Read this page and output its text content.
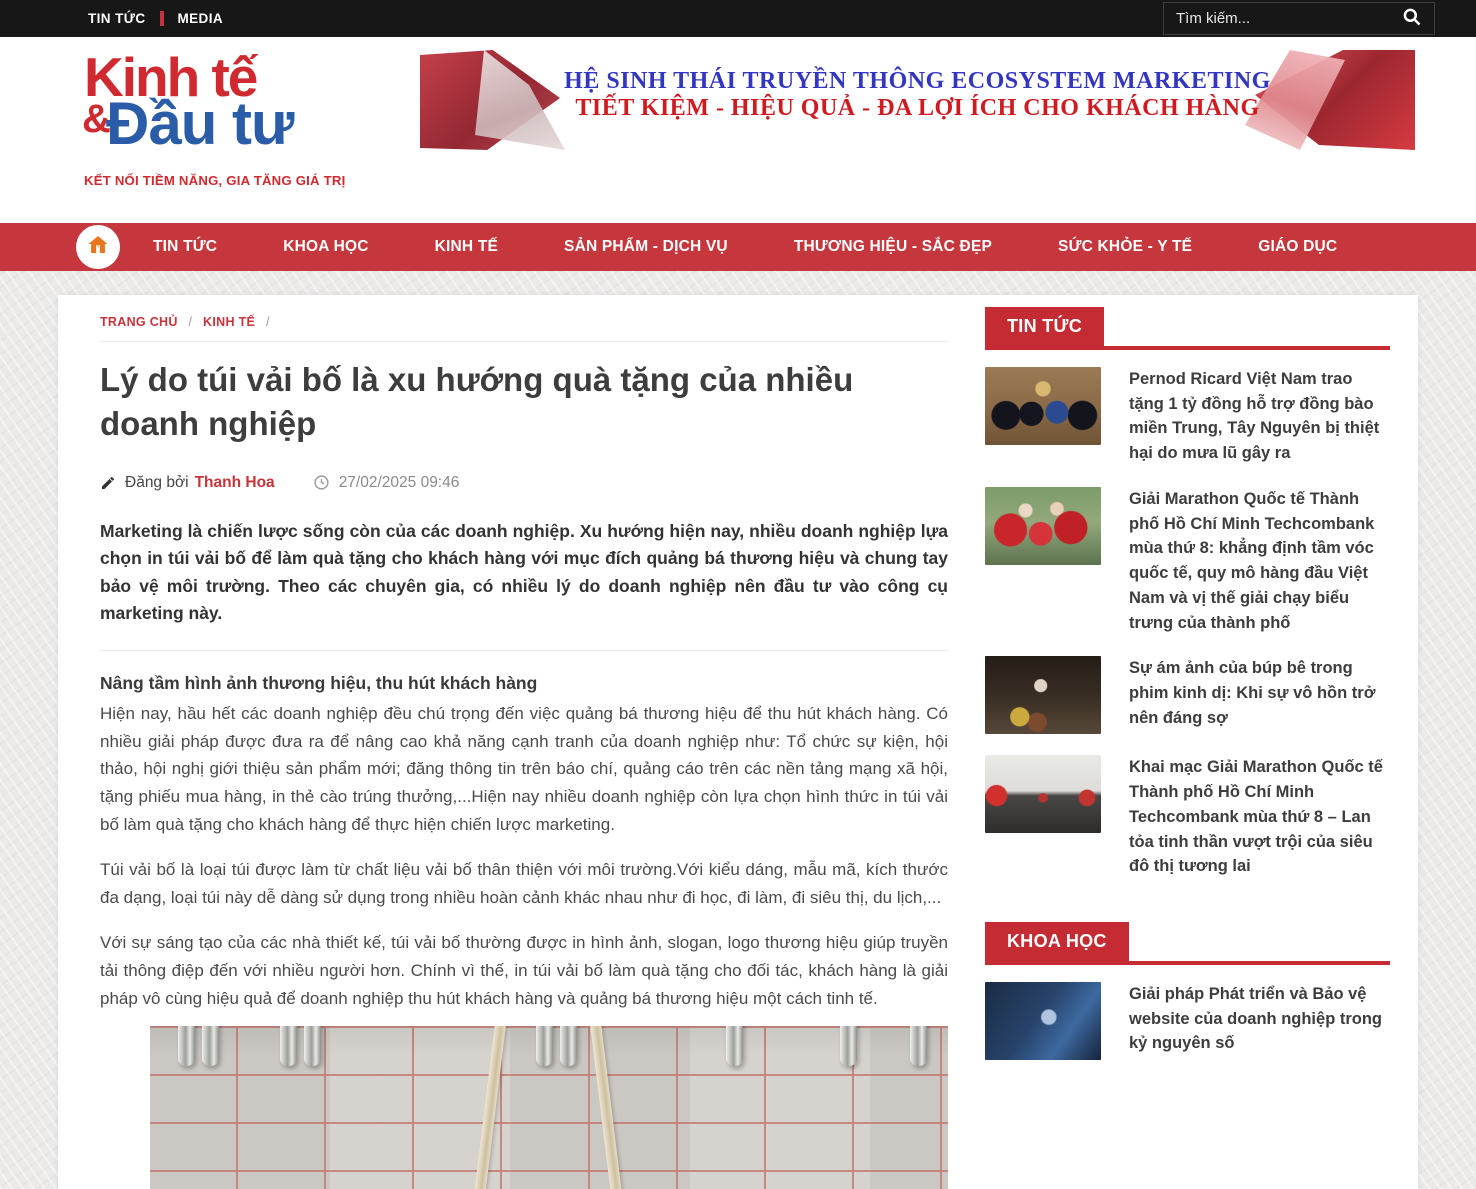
TIN TỨC MEDIA
Tìm kiếm...
Kinh tế
&
Đầu tư
KẾT NỐI TIỀM NĂNG, GIA TĂNG GIÁ TRỊ
HỆ SINH THÁI TRUYỀN THÔNG ECOSYSTEM MARKETING
TIẾT KIỆM - HIỆU QUẢ - ĐA LỢI ÍCH CHO KHÁCH HÀNG
TIN TỨC	KHOA HỌC	KINH TẾ	SẢN PHẨM - DỊCH VỤ	THƯƠNG HIỆU - SẮC ĐẸP	SỨC KHỎE - Y TẾ	GIÁO DỤC
TRANG CHỦ / KINH TẾ /
Lý do túi vải bố là xu hướng quà tặng của nhiều doanh nghiệp
Đăng bởi Thanh Hoa	27/02/2025 09:46

Marketing là chiến lược sống còn của các doanh nghiệp. Xu hướng hiện nay, nhiều doanh nghiệp lựa chọn in túi vải bố để làm quà tặng cho khách hàng với mục đích quảng bá thương hiệu và chung tay bảo vệ môi trường. Theo các chuyên gia, có nhiều lý do doanh nghiệp nên đầu tư vào công cụ marketing này.

Nâng tầm hình ảnh thương hiệu, thu hút khách hàng

Hiện nay, hầu hết các doanh nghiệp đều chú trọng đến việc quảng bá thương hiệu để thu hút khách hàng. Có nhiều giải pháp được đưa ra để nâng cao khả năng cạnh tranh của doanh nghiệp như: Tổ chức sự kiện, hội thảo, hội nghị giới thiệu sản phẩm mới; đăng thông tin trên báo chí, quảng cáo trên các nền tảng mạng xã hội, tặng phiếu mua hàng, in thẻ cào trúng thưởng,...Hiện nay nhiều doanh nghiệp còn lựa chọn hình thức in túi vải bố làm quà tặng cho khách hàng để thực hiện chiến lược marketing.

Túi vải bố là loại túi được làm từ chất liệu vải bố thân thiện với môi trường.Với kiểu dáng, mẫu mã, kích thước đa dạng, loại túi này dễ dàng sử dụng trong nhiều hoàn cảnh khác nhau như đi học, đi làm, đi siêu thị, du lịch,...

Với sự sáng tạo của các nhà thiết kế, túi vải bố thường được in hình ảnh, slogan, logo thương hiệu giúp truyền tải thông điệp đến với nhiều người hơn. Chính vì thế, in túi vải bố làm quà tặng cho đối tác, khách hàng là giải pháp vô cùng hiệu quả để doanh nghiệp thu hút khách hàng và quảng bá thương hiệu một cách tinh tế.

TIN TỨC
Pernod Ricard Việt Nam trao tặng 1 tỷ đồng hỗ trợ đồng bào miền Trung, Tây Nguyên bị thiệt hại do mưa lũ gây ra
Giải Marathon Quốc tế Thành phố Hồ Chí Minh Techcombank mùa thứ 8: khẳng định tầm vóc quốc tế, quy mô hàng đầu Việt Nam và vị thế giải chạy biểu trưng của thành phố
Sự ám ảnh của búp bê trong phim kinh dị: Khi sự vô hồn trở nên đáng sợ
Khai mạc Giải Marathon Quốc tế Thành phố Hồ Chí Minh Techcombank mùa thứ 8 – Lan tỏa tinh thần vượt trội của siêu đô thị tương lai
KHOA HỌC
Giải pháp Phát triển và Bảo vệ website của doanh nghiệp trong kỷ nguyên số
